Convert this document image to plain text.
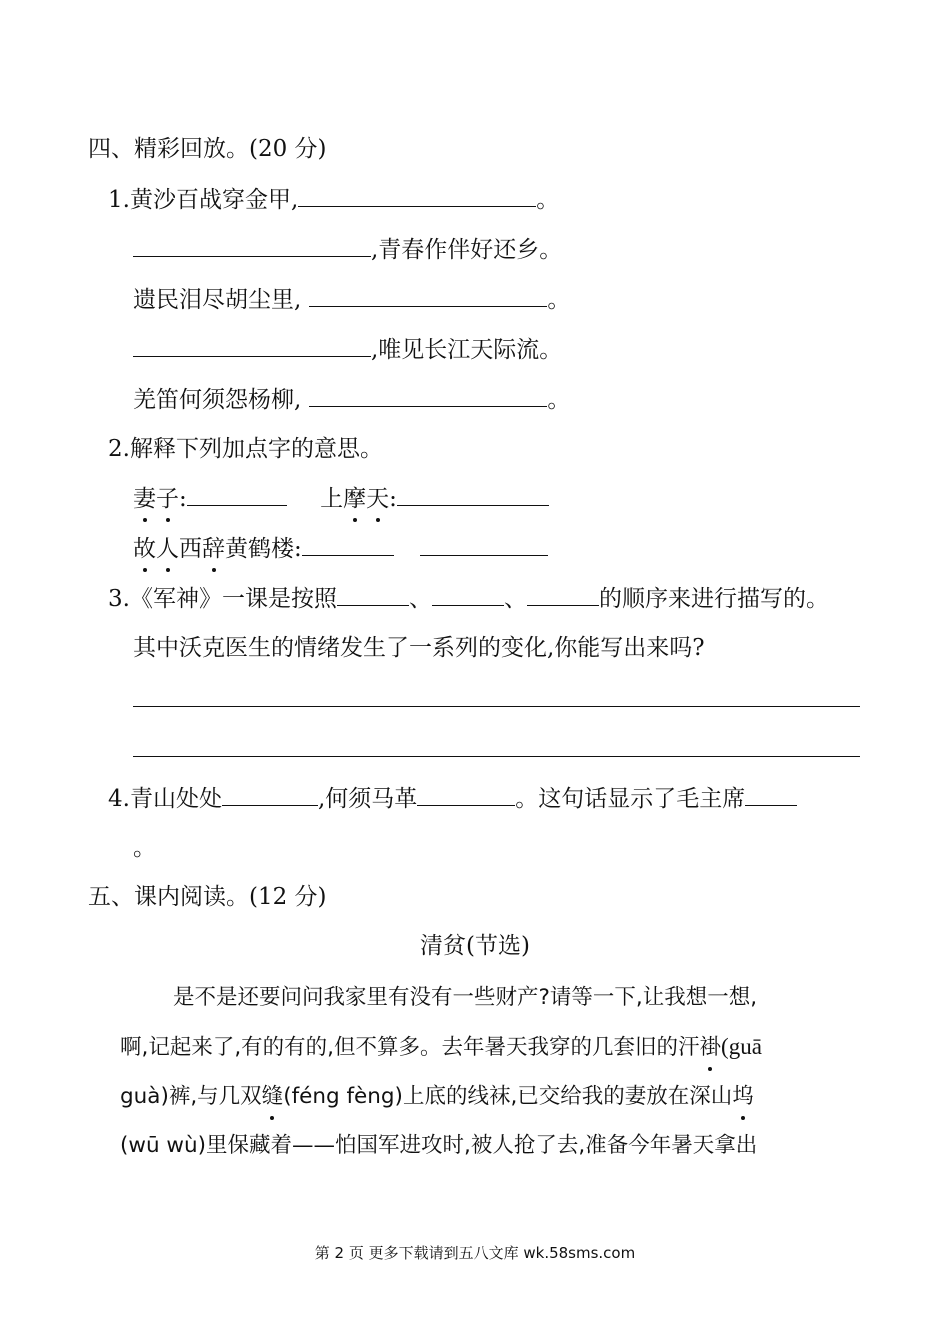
四、精彩回放。(20 分)
1.黄沙百战穿金甲,	。
,青春作伴好还乡。
遗民泪尽胡尘里,	。
,唯见长江天际流。
羌笛何须怨杨柳,	。
2.解释下列加点字的意思。
妻子:	上摩天:
故人西辞黄鹤楼:
3.《军神》一课是按照	、	、	的顺序来进行描写的。
其中沃克医生的情绪发生了一系列的变化,你能写出来吗?
4.青山处处	,何须马革	。这句话显示了毛主席
。
五、课内阅读。(12 分)
清贫(节选)
是不是还要问问我家里有没有一些财产?请等一下,让我想一想,
啊,记起来了,有的有的,但不算多。去年暑天我穿的几套旧的汗褂(guā
guà)裤,与几双缝(féng fèng)上底的线袜,已交给我的妻放在深山坞
(wū wù)里保藏着——怕国军进攻时,被人抢了去,准备今年暑天拿出
第 2 页 更多下载请到五八文库 wk.58sms.com
